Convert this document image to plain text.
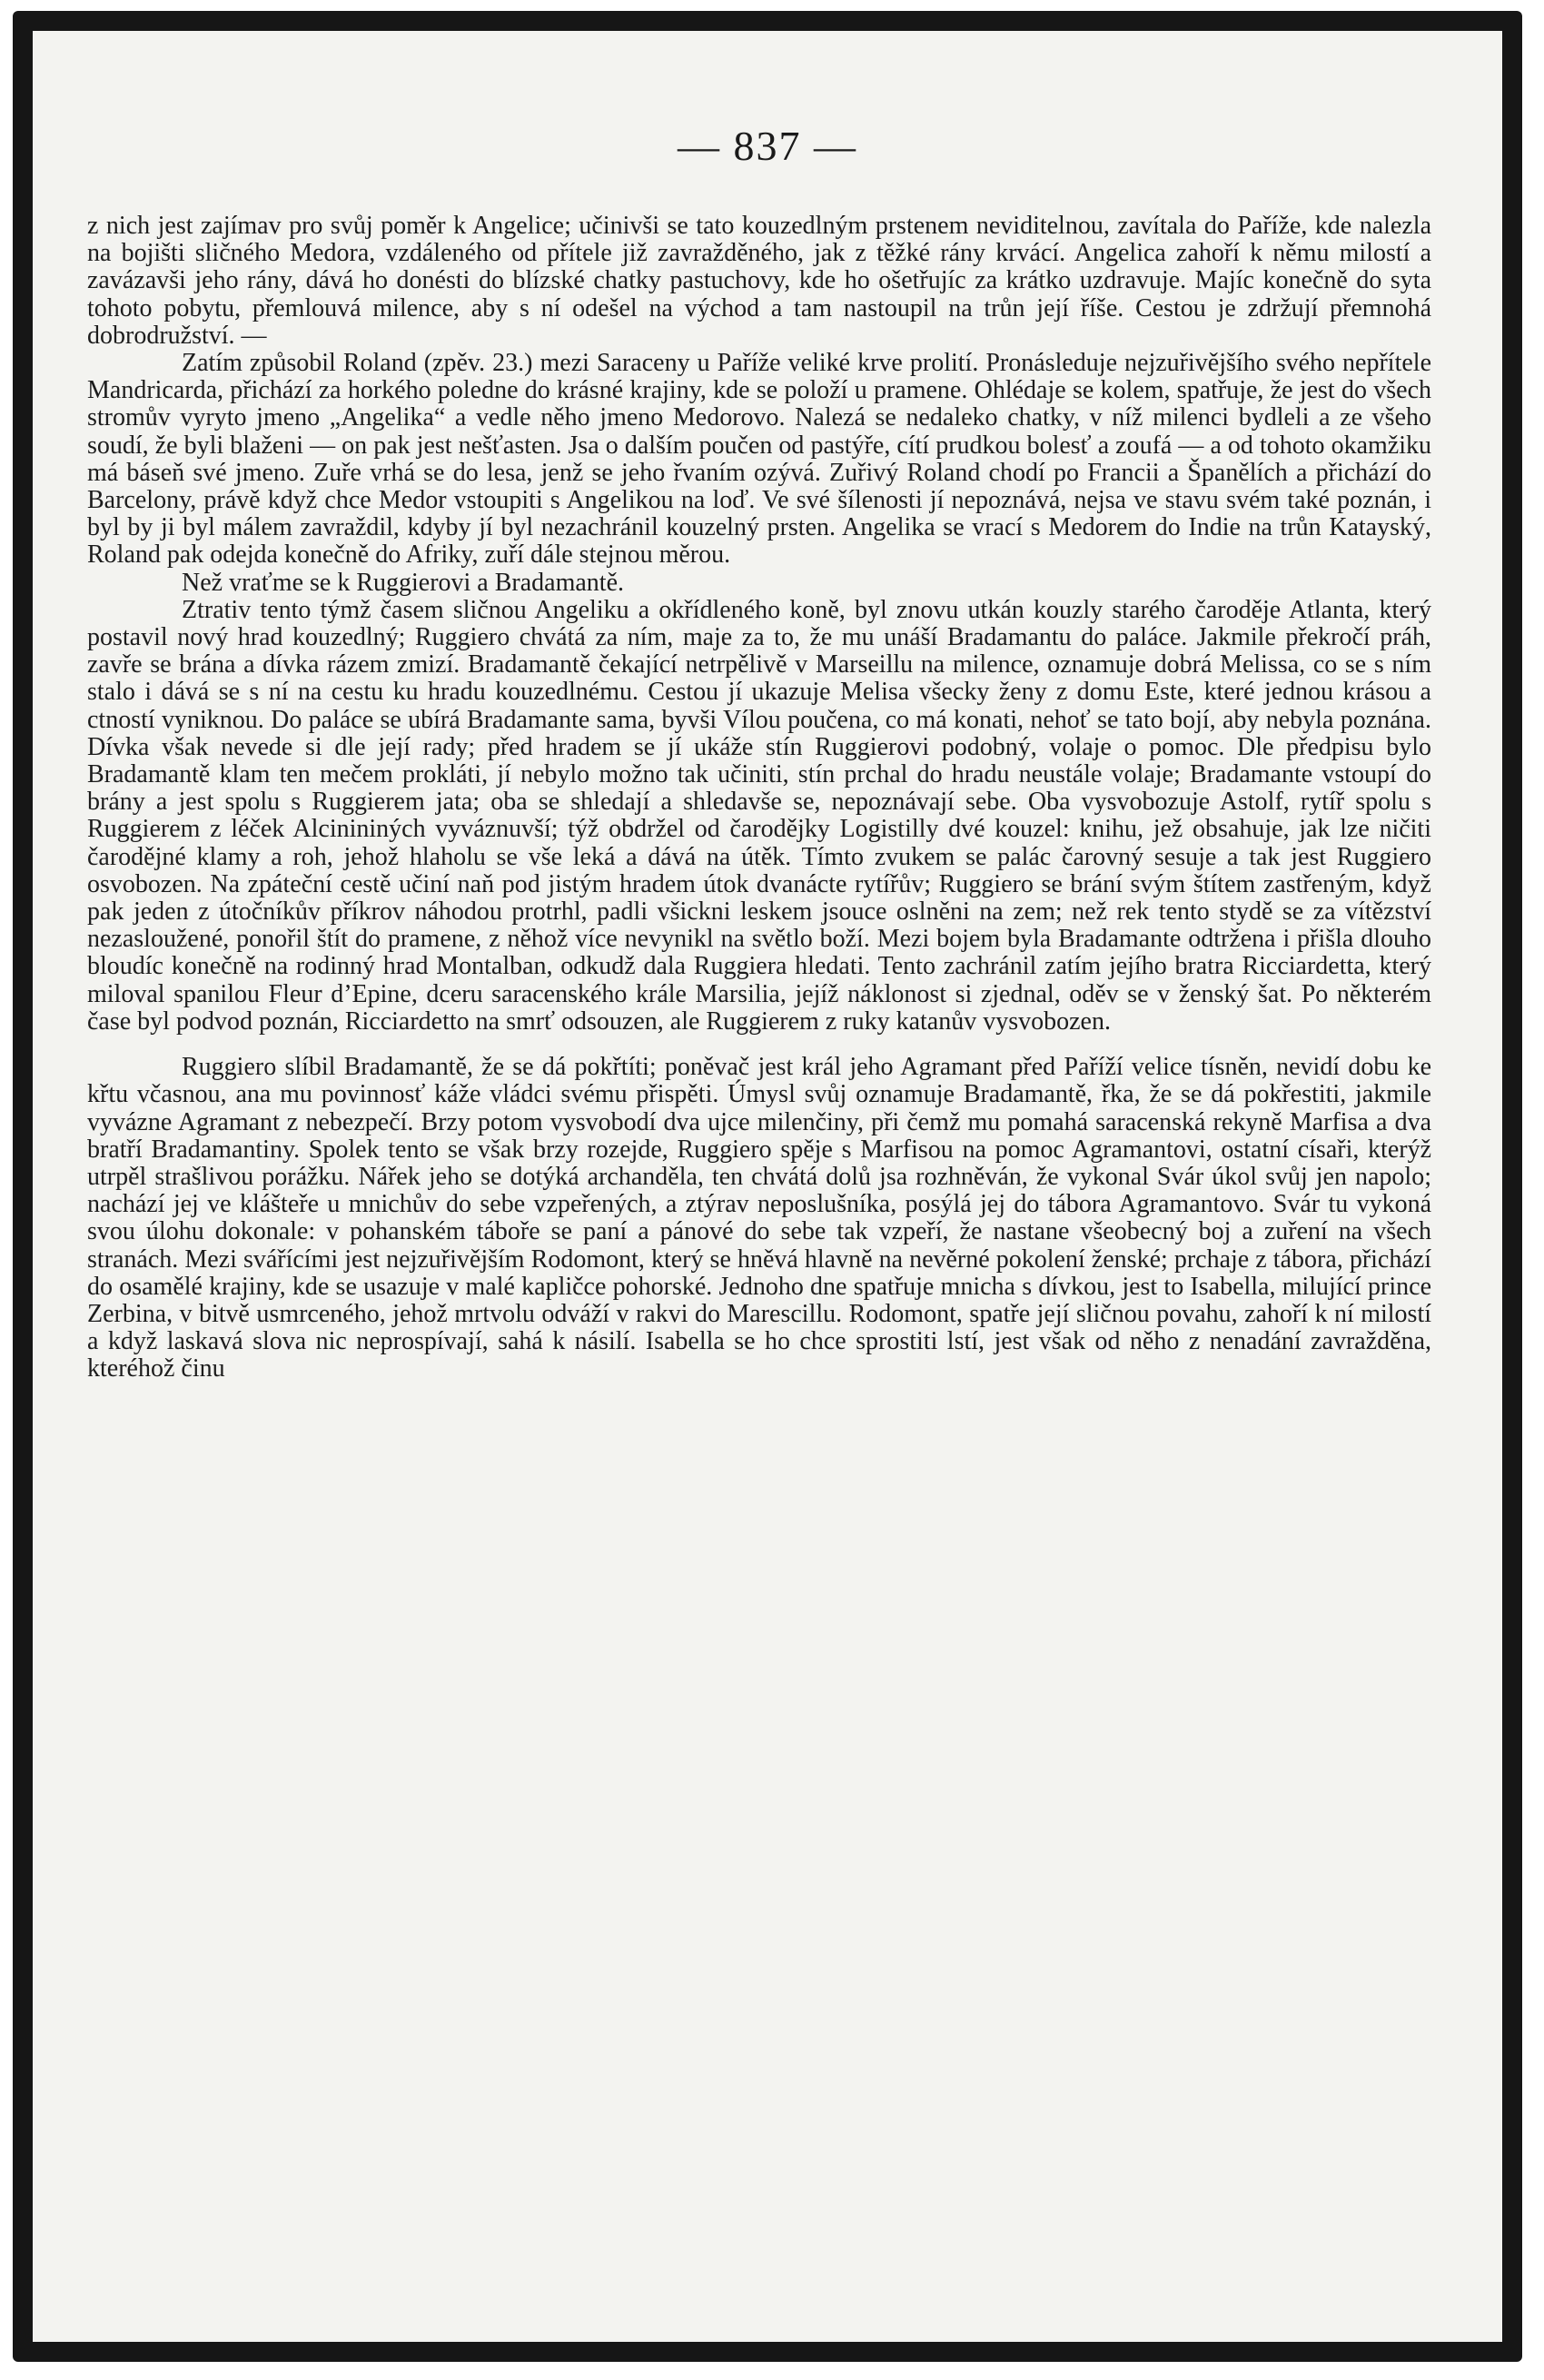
— 837 —

z nich jest zajímav pro svůj poměr k Angelice; učinivši se tato kouzedlným prstenem neviditelnou, zavítala do Paříže, kde nalezla na bojišti sličného Medora, vzdáleného od přítele již zavražděného, jak z těžké rány krvácí. Angelica zahoří k němu milostí a zavázavši jeho rány, dává ho donésti do blízské chatky pastuchovy, kde ho ošetřujíc za krátko uzdravuje. Majíc konečně do syta tohoto pobytu, přemlouvá milence, aby s ní odešel na východ a tam nastoupil na trůn její říše. Cestou je zdržují přemnohá dobrodružství. —

Zatím způsobil Roland (zpěv. 23.) mezi Saraceny u Paříže veliké krve prolití. Pronásleduje nejzuřivějšího svého nepřítele Mandricarda, přichází za horkého poledne do krásné krajiny, kde se položí u pramene. Ohlédaje se kolem, spatřuje, že jest do všech stromův vyryto jmeno „Angelika“ a vedle něho jmeno Medorovo. Nalezá se nedaleko chatky, v níž milenci bydleli a ze všeho soudí, že byli blaženi — on pak jest nešťasten. Jsa o dalším poučen od pastýře, cítí prudkou bolesť a zoufá — a od tohoto okamžiku má báseň své jmeno. Zuře vrhá se do lesa, jenž se jeho řvaním ozývá. Zuřivý Roland chodí po Francii a Španělích a přichází do Barcelony, právě když chce Medor vstoupiti s Angelikou na loď. Ve své šílenosti jí nepoznává, nejsa ve stavu svém také poznán, i byl by ji byl málem zavraždil, kdyby jí byl nezachránil kouzelný prsten. Angelika se vrací s Medorem do Indie na trůn Katayský, Roland pak odejda konečně do Afriky, zuří dále stejnou měrou.

Než vraťme se k Ruggierovi a Bradamantě.

Ztrativ tento týmž časem sličnou Angeliku a okřídleného koně, byl znovu utkán kouzly starého čaroděje Atlanta, který postavil nový hrad kouzedlný; Ruggiero chvátá za ním, maje za to, že mu unáší Bradamantu do paláce. Jakmile překročí práh, zavře se brána a dívka rázem zmizí. Bradamantě čekající netrpělivě v Marseillu na milence, oznamuje dobrá Melissa, co se s ním stalo i dává se s ní na cestu ku hradu kouzedlnému. Cestou jí ukazuje Melisa všecky ženy z domu Este, které jednou krásou a ctností vyniknou. Do paláce se ubírá Bradamante sama, byvši Vílou poučena, co má konati, nehoť se tato bojí, aby nebyla poznána. Dívka však nevede si dle její rady; před hradem se jí ukáže stín Ruggierovi podobný, volaje o pomoc. Dle předpisu bylo Bradamantě klam ten mečem prokláti, jí nebylo možno tak učiniti, stín prchal do hradu neustále volaje; Bradamante vstoupí do brány a jest spolu s Ruggierem jata; oba se shledají a shledavše se, nepoznávají sebe. Oba vysvobozuje Astolf, rytíř spolu s Ruggierem z léček Alcinininých vyváznuvší; týž obdržel od čarodějky Logistilly dvé kouzel: knihu, jež obsahuje, jak lze ničiti čarodějné klamy a roh, jehož hlaholu se vše leká a dává na útěk. Tímto zvukem se palác čarovný sesuje a tak jest Ruggiero osvobozen. Na zpáteční cestě učiní naň pod jistým hradem útok dvanácte rytířův; Ruggiero se brání svým štítem zastřeným, když pak jeden z útočníkův příkrov náhodou protrhl, padli všickni leskem jsouce oslněni na zem; než rek tento stydě se za vítězství nezasloužené, ponořil štít do pramene, z něhož více nevynikl na světlo boží. Mezi bojem byla Bradamante odtržena i přišla dlouho bloudíc konečně na rodinný hrad Montalban, odkudž dala Ruggiera hledati. Tento zachránil zatím jejího bratra Ricciardetta, který miloval spanilou Fleur d’Epine, dceru saracenského krále Marsilia, jejíž náklonost si zjednal, oděv se v ženský šat. Po některém čase byl podvod poznán, Ricciardetto na smrť odsouzen, ale Ruggierem z ruky katanův vysvobozen.

Ruggiero slíbil Bradamantě, že se dá pokřtíti; poněvač jest král jeho Agramant před Paříží velice tísněn, nevidí dobu ke křtu včasnou, ana mu povinnosť káže vládci svému přispěti. Úmysl svůj oznamuje Bradamantě, řka, že se dá pokřestiti, jakmile vyvázne Agramant z nebezpečí. Brzy potom vysvobodí dva ujce milenčiny, při čemž mu pomahá saracenská rekyně Marfisa a dva bratří Bradamantiny. Spolek tento se však brzy rozejde, Ruggiero spěje s Marfisou na pomoc Agramantovi, ostatní císaři, kterýž utrpěl strašlivou porážku. Nářek jeho se dotýká archanděla, ten chvátá dolů jsa rozhněván, že vykonal Svár úkol svůj jen napolo; nachází jej ve klášteře u mnichův do sebe vzpeřených, a ztýrav neposlušníka, posýlá jej do tábora Agramantovo. Svár tu vykoná svou úlohu dokonale: v pohanském táboře se paní a pánové do sebe tak vzpeří, že nastane všeobecný boj a zuření na všech stranách. Mezi svářícími jest nejzuřivějším Rodomont, který se hněvá hlavně na nevěrné pokolení ženské; prchaje z tábora, přichází do osamělé krajiny, kde se usazuje v malé kapličce pohorské. Jednoho dne spatřuje mnicha s dívkou, jest to Isabella, milující prince Zerbina, v bitvě usmrceného, jehož mrtvolu odváží v rakvi do Marescillu. Rodomont, spatře její sličnou povahu, zahoří k ní milostí a když laskavá slova nic neprospívají, sahá k násilí. Isabella se ho chce sprostiti lstí, jest však od něho z nenadání zavražděna, kteréhož činu
